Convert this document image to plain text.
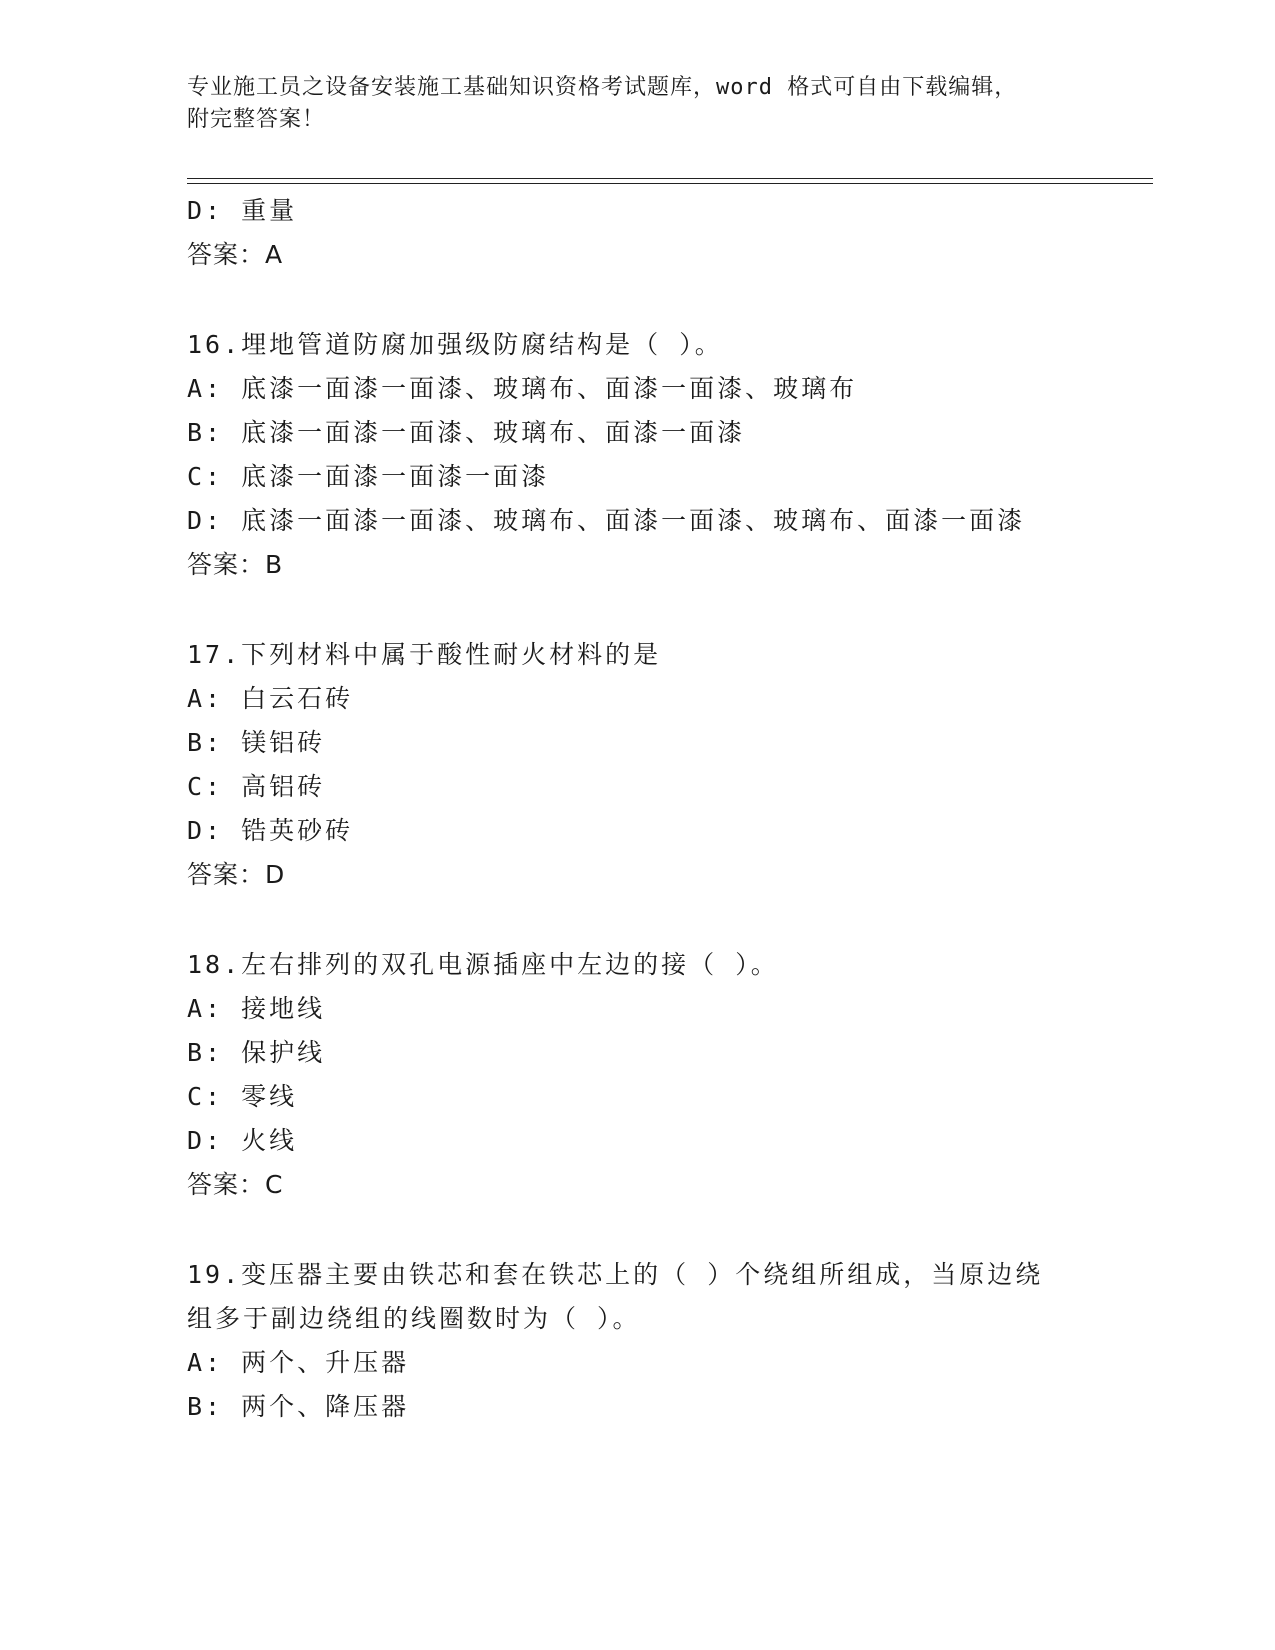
专业施工员之设备安装施工基础知识资格考试题库，word 格式可自由下载编辑，

附完整答案！

D: 重量
答案：A
16.埋地管道防腐加强级防腐结构是（ ）。
A: 底漆一面漆一面漆、玻璃布、面漆一面漆、玻璃布
B: 底漆一面漆一面漆、玻璃布、面漆一面漆
C: 底漆一面漆一面漆一面漆
D: 底漆一面漆一面漆、玻璃布、面漆一面漆、玻璃布、面漆一面漆
答案：B
17.下列材料中属于酸性耐火材料的是
A: 白云石砖
B: 镁铝砖
C: 高铝砖
D: 锆英砂砖
答案：D
18.左右排列的双孔电源插座中左边的接（ ）。
A: 接地线
B: 保护线
C: 零线
D: 火线
答案：C
19.变压器主要由铁芯和套在铁芯上的（ ）个绕组所组成，当原边绕
组多于副边绕组的线圈数时为（ ）。
A: 两个、升压器
B: 两个、降压器
